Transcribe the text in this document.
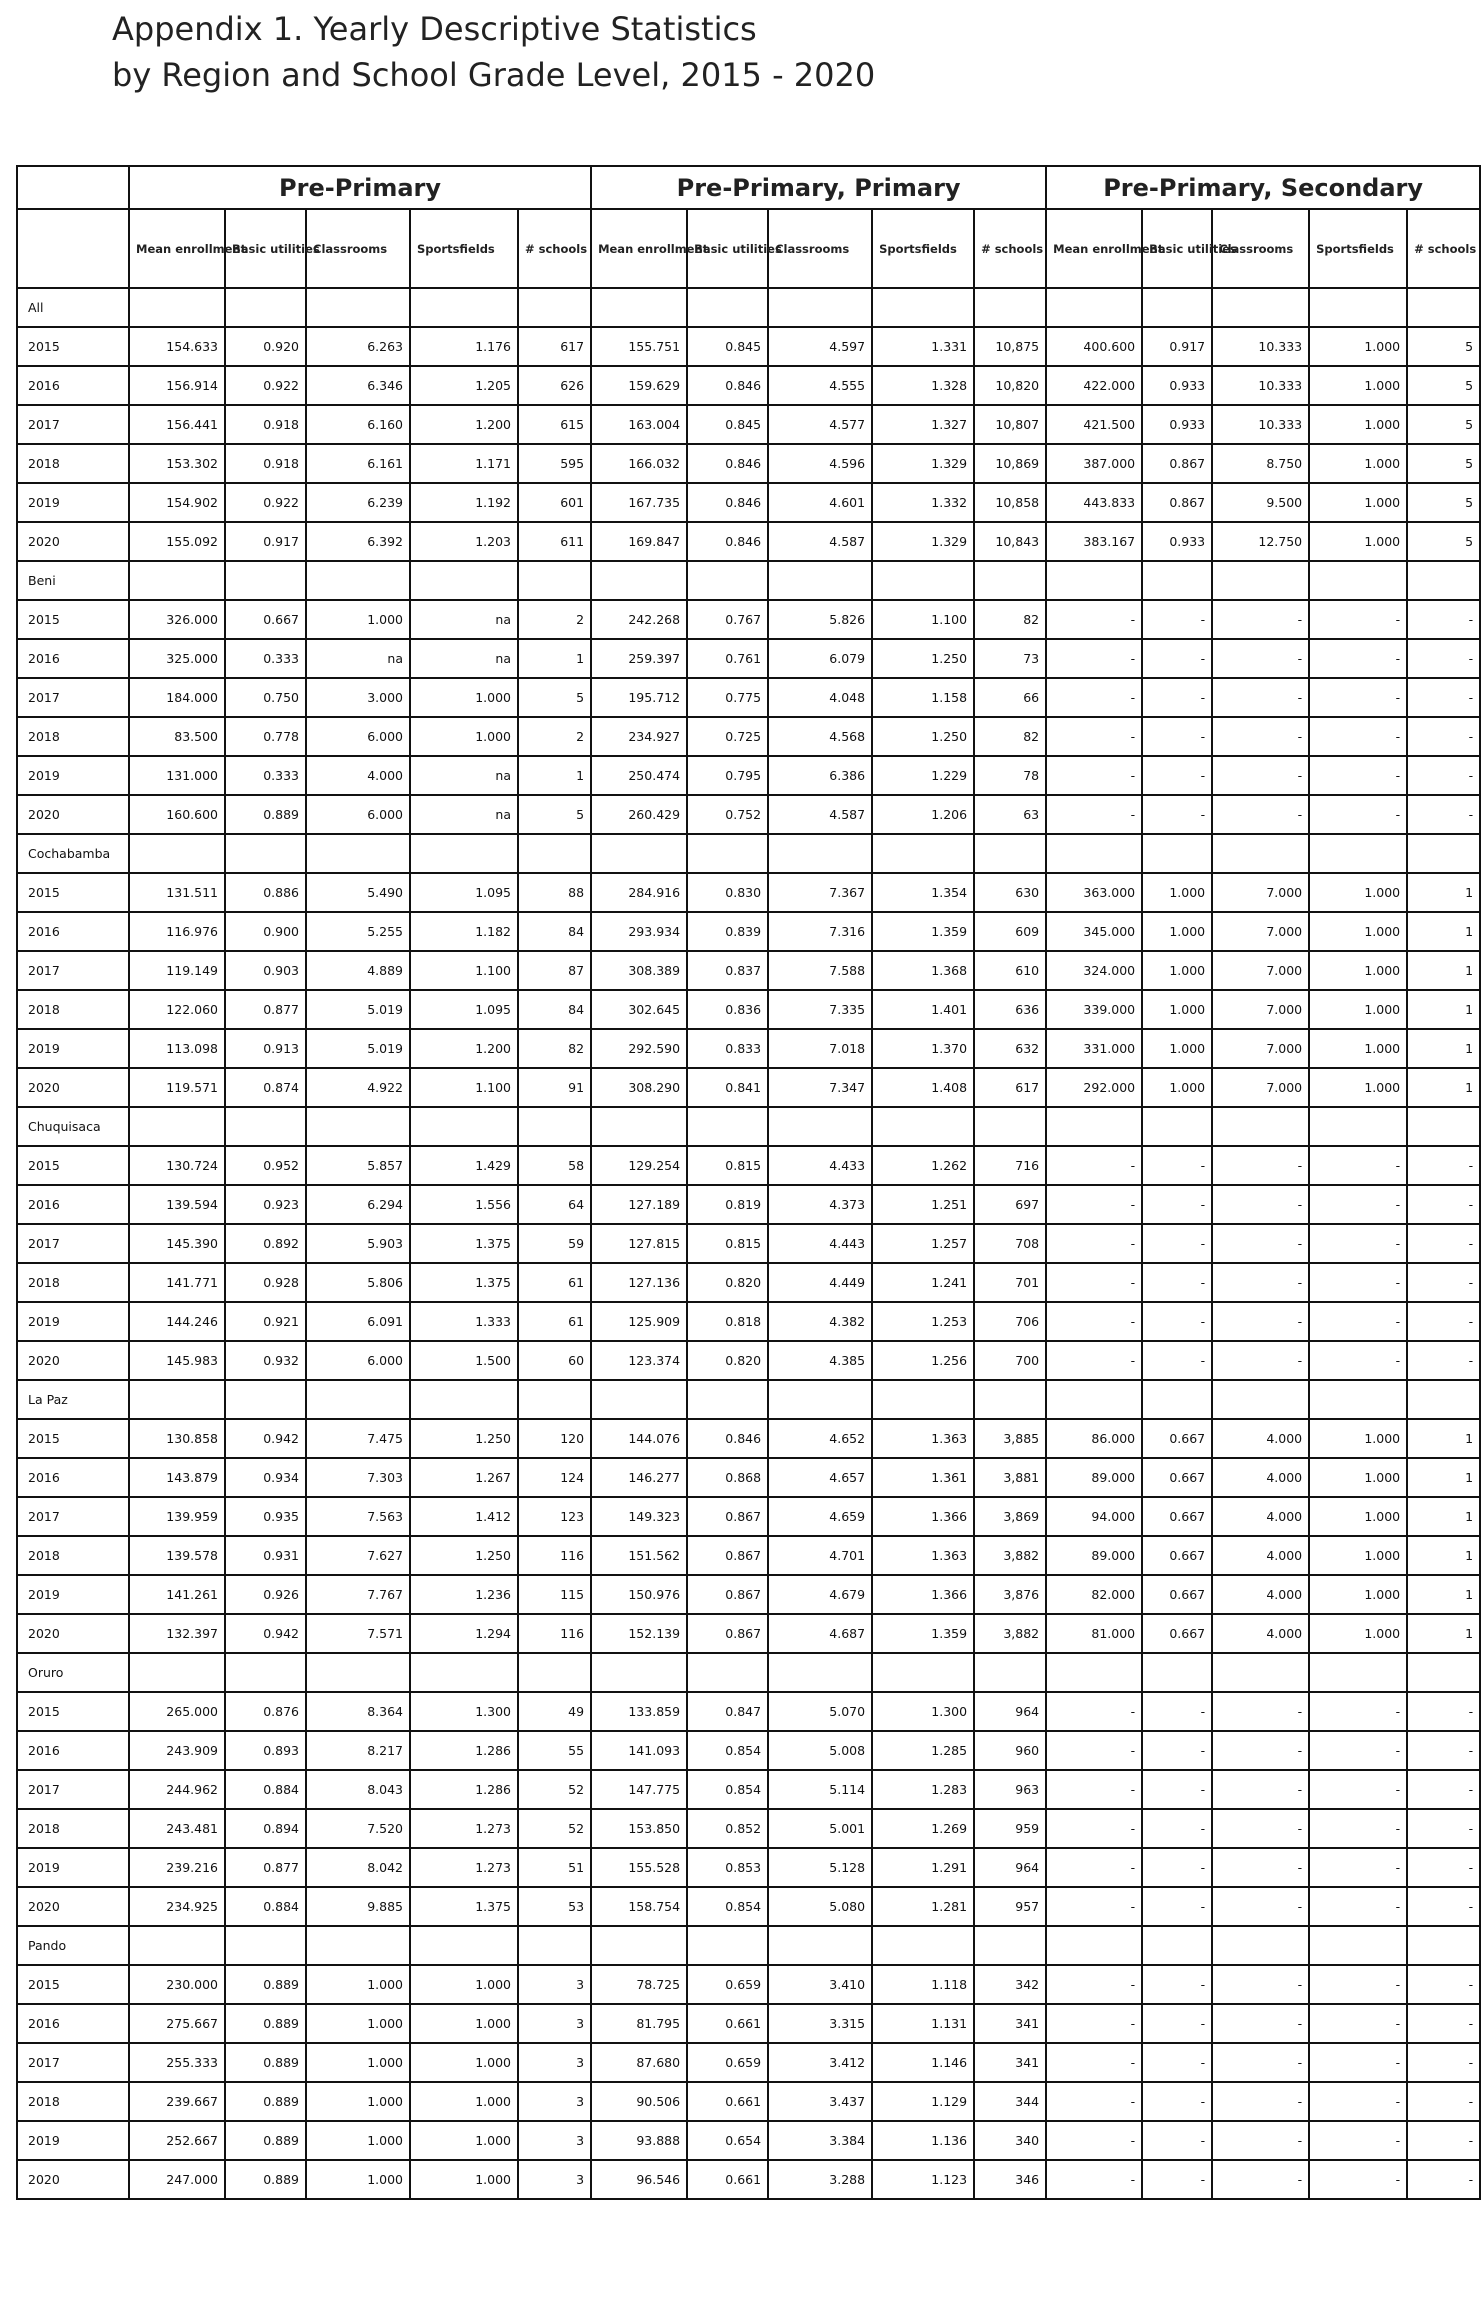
Appendix 1. Yearly Descriptive Statistics
by Region and School Grade Level, 2015 - 2020
	Pre-Primary					Pre-Primary, Primary					Pre-Primary, Secondary				
	Mean enrollment	Basic utilities	Classrooms	Sportsfields	# schools	Mean enrollment	Basic utilities	Classrooms	Sportsfields	# schools	Mean enrollment	Basic utilities	Classrooms	Sportsfields	# schools
All															
2015	154.633	0.920	6.263	1.176	617	155.751	0.845	4.597	1.331	10,875	400.600	0.917	10.333	1.000	5
2016	156.914	0.922	6.346	1.205	626	159.629	0.846	4.555	1.328	10,820	422.000	0.933	10.333	1.000	5
2017	156.441	0.918	6.160	1.200	615	163.004	0.845	4.577	1.327	10,807	421.500	0.933	10.333	1.000	5
2018	153.302	0.918	6.161	1.171	595	166.032	0.846	4.596	1.329	10,869	387.000	0.867	8.750	1.000	5
2019	154.902	0.922	6.239	1.192	601	167.735	0.846	4.601	1.332	10,858	443.833	0.867	9.500	1.000	5
2020	155.092	0.917	6.392	1.203	611	169.847	0.846	4.587	1.329	10,843	383.167	0.933	12.750	1.000	5
Beni															
2015	326.000	0.667	1.000	na	2	242.268	0.767	5.826	1.100	82	-	-	-	-	-
2016	325.000	0.333	na	na	1	259.397	0.761	6.079	1.250	73	-	-	-	-	-
2017	184.000	0.750	3.000	1.000	5	195.712	0.775	4.048	1.158	66	-	-	-	-	-
2018	83.500	0.778	6.000	1.000	2	234.927	0.725	4.568	1.250	82	-	-	-	-	-
2019	131.000	0.333	4.000	na	1	250.474	0.795	6.386	1.229	78	-	-	-	-	-
2020	160.600	0.889	6.000	na	5	260.429	0.752	4.587	1.206	63	-	-	-	-	-
Cochabamba															
2015	131.511	0.886	5.490	1.095	88	284.916	0.830	7.367	1.354	630	363.000	1.000	7.000	1.000	1
2016	116.976	0.900	5.255	1.182	84	293.934	0.839	7.316	1.359	609	345.000	1.000	7.000	1.000	1
2017	119.149	0.903	4.889	1.100	87	308.389	0.837	7.588	1.368	610	324.000	1.000	7.000	1.000	1
2018	122.060	0.877	5.019	1.095	84	302.645	0.836	7.335	1.401	636	339.000	1.000	7.000	1.000	1
2019	113.098	0.913	5.019	1.200	82	292.590	0.833	7.018	1.370	632	331.000	1.000	7.000	1.000	1
2020	119.571	0.874	4.922	1.100	91	308.290	0.841	7.347	1.408	617	292.000	1.000	7.000	1.000	1
Chuquisaca															
2015	130.724	0.952	5.857	1.429	58	129.254	0.815	4.433	1.262	716	-	-	-	-	-
2016	139.594	0.923	6.294	1.556	64	127.189	0.819	4.373	1.251	697	-	-	-	-	-
2017	145.390	0.892	5.903	1.375	59	127.815	0.815	4.443	1.257	708	-	-	-	-	-
2018	141.771	0.928	5.806	1.375	61	127.136	0.820	4.449	1.241	701	-	-	-	-	-
2019	144.246	0.921	6.091	1.333	61	125.909	0.818	4.382	1.253	706	-	-	-	-	-
2020	145.983	0.932	6.000	1.500	60	123.374	0.820	4.385	1.256	700	-	-	-	-	-
La Paz															
2015	130.858	0.942	7.475	1.250	120	144.076	0.846	4.652	1.363	3,885	86.000	0.667	4.000	1.000	1
2016	143.879	0.934	7.303	1.267	124	146.277	0.868	4.657	1.361	3,881	89.000	0.667	4.000	1.000	1
2017	139.959	0.935	7.563	1.412	123	149.323	0.867	4.659	1.366	3,869	94.000	0.667	4.000	1.000	1
2018	139.578	0.931	7.627	1.250	116	151.562	0.867	4.701	1.363	3,882	89.000	0.667	4.000	1.000	1
2019	141.261	0.926	7.767	1.236	115	150.976	0.867	4.679	1.366	3,876	82.000	0.667	4.000	1.000	1
2020	132.397	0.942	7.571	1.294	116	152.139	0.867	4.687	1.359	3,882	81.000	0.667	4.000	1.000	1
Oruro															
2015	265.000	0.876	8.364	1.300	49	133.859	0.847	5.070	1.300	964	-	-	-	-	-
2016	243.909	0.893	8.217	1.286	55	141.093	0.854	5.008	1.285	960	-	-	-	-	-
2017	244.962	0.884	8.043	1.286	52	147.775	0.854	5.114	1.283	963	-	-	-	-	-
2018	243.481	0.894	7.520	1.273	52	153.850	0.852	5.001	1.269	959	-	-	-	-	-
2019	239.216	0.877	8.042	1.273	51	155.528	0.853	5.128	1.291	964	-	-	-	-	-
2020	234.925	0.884	9.885	1.375	53	158.754	0.854	5.080	1.281	957	-	-	-	-	-
Pando															
2015	230.000	0.889	1.000	1.000	3	78.725	0.659	3.410	1.118	342	-	-	-	-	-
2016	275.667	0.889	1.000	1.000	3	81.795	0.661	3.315	1.131	341	-	-	-	-	-
2017	255.333	0.889	1.000	1.000	3	87.680	0.659	3.412	1.146	341	-	-	-	-	-
2018	239.667	0.889	1.000	1.000	3	90.506	0.661	3.437	1.129	344	-	-	-	-	-
2019	252.667	0.889	1.000	1.000	3	93.888	0.654	3.384	1.136	340	-	-	-	-	-
2020	247.000	0.889	1.000	1.000	3	96.546	0.661	3.288	1.123	346	-	-	-	-	-
